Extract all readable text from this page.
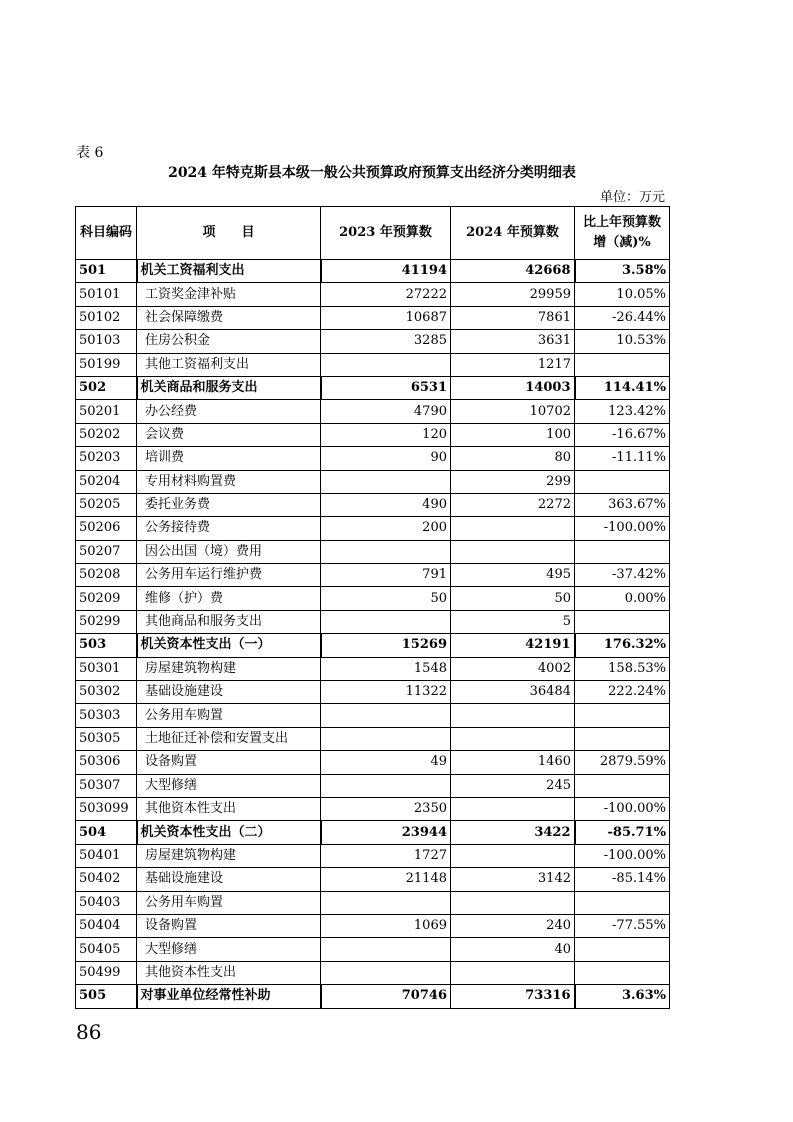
表 6
2024 年特克斯县本级一般公共预算政府预算支出经济分类明细表
单位：万元
科目编码	项　　目	2023 年预算数	2024 年预算数	比上年预算数增（减)%
501	机关工资福利支出	41194	42668	3.58%
50101	工资奖金津补贴	27222	29959	10.05%
50102	社会保障缴费	10687	7861	-26.44%
50103	住房公积金	3285	3631	10.53%
50199	其他工资福利支出		1217	
502	机关商品和服务支出	6531	14003	114.41%
50201	办公经费	4790	10702	123.42%
50202	会议费	120	100	-16.67%
50203	培训费	90	80	-11.11%
50204	专用材料购置费		299	
50205	委托业务费	490	2272	363.67%
50206	公务接待费	200		-100.00%
50207	因公出国（境）费用			
50208	公务用车运行维护费	791	495	-37.42%
50209	维修（护）费	50	50	0.00%
50299	其他商品和服务支出		5	
503	机关资本性支出（一）	15269	42191	176.32%
50301	房屋建筑物构建	1548	4002	158.53%
50302	基础设施建设	11322	36484	222.24%
50303	公务用车购置			
50305	土地征迁补偿和安置支出			
50306	设备购置	49	1460	2879.59%
50307	大型修缮		245	
503099	其他资本性支出	2350		-100.00%
504	机关资本性支出（二）	23944	3422	-85.71%
50401	房屋建筑物构建	1727		-100.00%
50402	基础设施建设	21148	3142	-85.14%
50403	公务用车购置			
50404	设备购置	1069	240	-77.55%
50405	大型修缮		40	
50499	其他资本性支出			
505	对事业单位经常性补助	70746	73316	3.63%
86
